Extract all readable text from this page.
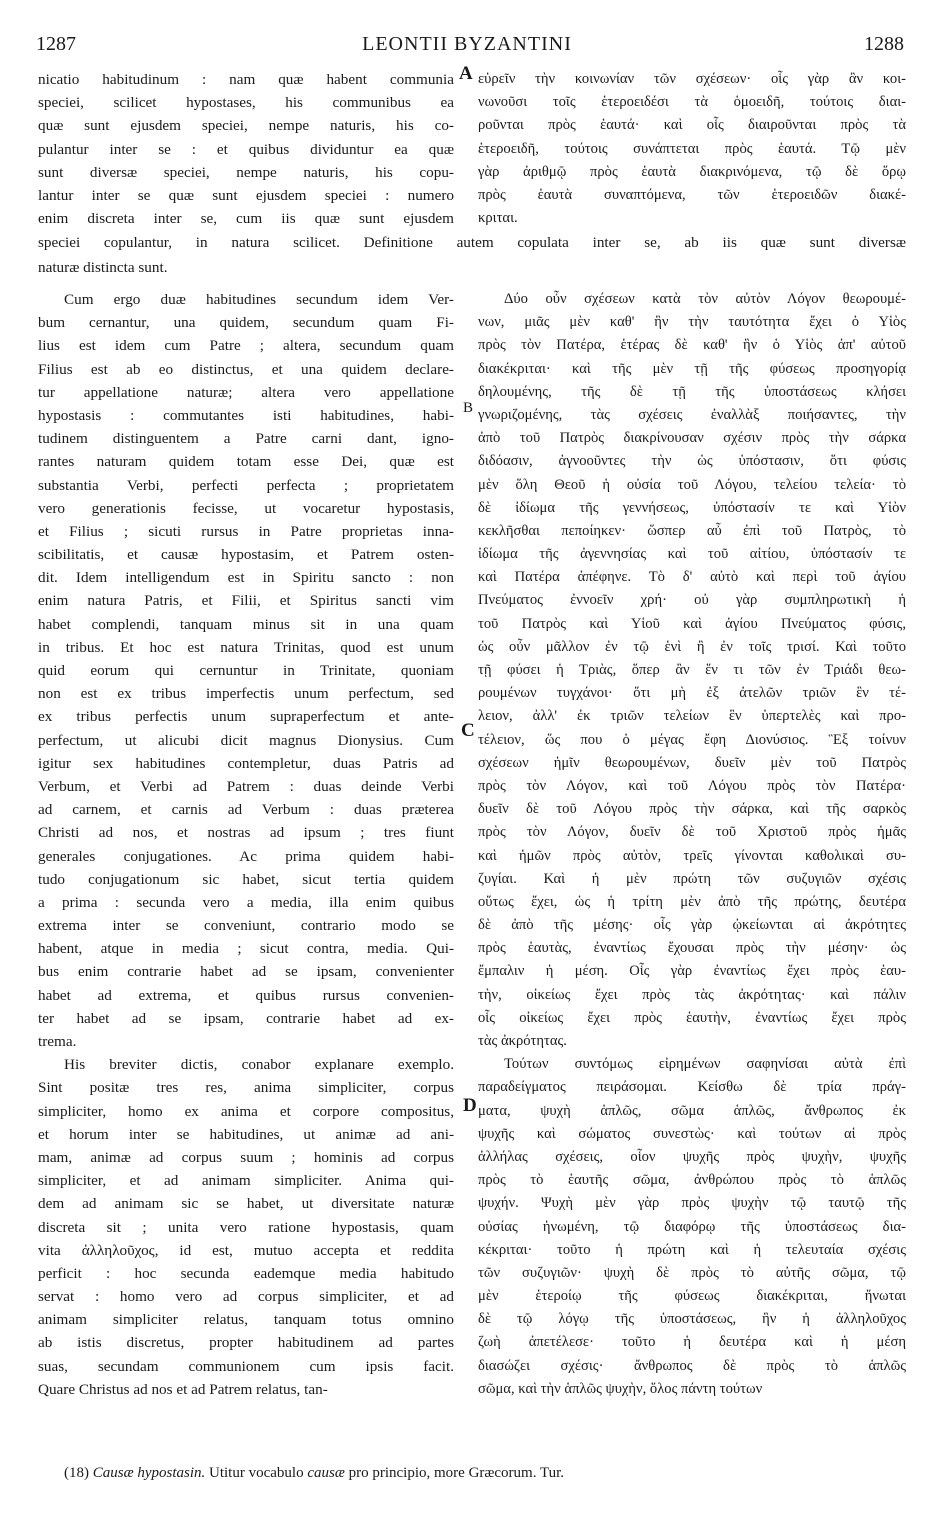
LEONTII BYZANTINI
1287	1288
nicatio habitudinum : nam quæ habent communia
speciei, scilicet hypostases, his communibus ea
quæ sunt ejusdem speciei, nempe naturis, his co-
pulantur inter se : et quibus dividuntur ea quæ
sunt diversæ speciei, nempe naturis, his copu-
lantur inter se quæ sunt ejusdem speciei : numero
enim discreta inter se, cum iis quæ sunt ejusdem
εὑρεῖν τὴν κοινωνίαν τῶν σχέσεων· οἷς γὰρ ἂν κοι-
νωνοῦσι τοῖς ἑτεροειδέσι τὰ ὁμοειδῆ, τούτοις διαι-
ροῦνται πρὸς ἑαυτά· καὶ οἷς διαιροῦνται πρὸς τὰ
ἑτεροειδῆ, τούτοις συνάπτεται πρὸς ἑαυτά. Τῷ μὲν
γὰρ ἀριθμῷ πρὸς ἑαυτὰ διακρινόμενα, τῷ δὲ ὅρῳ
πρὸς ἑαυτὰ συναπτόμενα, τῶν ἑτεροειδῶν διακέ-
κριται.
speciei copulantur, in natura scilicet. Definitione autem copulata inter se, ab iis quæ sunt diversæ
naturæ distincta sunt.
Cum ergo duæ habitudines secundum idem Ver-
bum cernantur, una quidem, secundum quam Fi-
lius est idem cum Patre ; altera, secundum quam
Filius est ab eo distinctus, et una quidem declare-
tur appellatione naturæ; altera vero appellatione
hypostasis : commutantes isti habitudines, habi-
tudinem distinguentem a Patre carni dant, igno-
rantes naturam quidem totam esse Dei, quæ est
substantia Verbi, perfecti perfecta ; proprietatem
vero generationis fecisse, ut vocaretur hypostasis,
et Filius ; sicuti rursus in Patre proprietas inna-
scibilitatis, et causæ hypostasim, et Patrem osten-
dit. Idem intelligendum est in Spiritu sancto : non
enim natura Patris, et Filii, et Spiritus sancti vim
habet complendi, tanquam minus sit in una quam
in tribus. Et hoc est natura Trinitas, quod est unum
quid eorum qui cernuntur in Trinitate, quoniam
non est ex tribus imperfectis unum perfectum, sed
ex tribus perfectis unum supraperfectum et ante-
perfectum, ut alicubi dicit magnus Dionysius. Cum
igitur sex habitudines contempletur, duas Patris ad
Verbum, et Verbi ad Patrem : duas deinde Verbi
ad carnem, et carnis ad Verbum : duas præterea
Christi ad nos, et nostras ad ipsum ; tres fiunt
generales conjugationes. Ac prima quidem habi-
tudo conjugationum sic habet, sicut tertia quidem
a prima : secunda vero a media, illa enim quibus
extrema inter se conveniunt, contrario modo se
habent, atque in media ; sicut contra, media. Qui-
bus enim contrarie habet ad se ipsam, convenienter
habet ad extrema, et quibus rursus convenien-
ter habet ad se ipsam, contrarie habet ad ex-
trema.
His breviter dictis, conabor explanare exemplo.
Sint positæ tres res, anima simpliciter, corpus
simpliciter, homo ex anima et corpore compositus,
et horum inter se habitudines, ut animæ ad ani-
mam, animæ ad corpus suum ; hominis ad corpus
simpliciter, et ad animam simpliciter. Anima qui-
dem ad animam sic se habet, ut diversitate naturæ
discreta sit ; unita vero ratione hypostasis, quam
vita ἀλληλοῦχος, id est, mutuo accepta et reddita
perficit : hoc secunda eademque media habitudo
servat : homo vero ad corpus simpliciter, et ad
animam simpliciter relatus, tanquam totus omnino
ab istis discretus, propter habitudinem ad partes
suas, secundam communionem cum ipsis facit.
Quare Christus ad nos et ad Patrem relatus, tan-
Δύο οὖν σχέσεων κατὰ τὸν αὐτὸν Λόγον θεωρουμέ-
νων, μιᾶς μὲν καθ' ἣν τὴν ταυτότητα ἔχει ὁ Υἱὸς
πρὸς τὸν Πατέρα, ἑτέρας δὲ καθ' ἣν ὁ Υἱὸς ἀπ' αὐτοῦ
διακέκριται· καὶ τῆς μὲν τῇ τῆς φύσεως προσηγορίᾳ
δηλουμένης, τῆς δὲ τῇ τῆς ὑποστάσεως κλήσει
γνωριζομένης, τὰς σχέσεις ἐναλλὰξ ποιήσαντες, τὴν
ἀπὸ τοῦ Πατρὸς διακρίνουσαν σχέσιν πρὸς τὴν σάρκα
διδόασιν, ἀγνοοῦντες τὴν ὡς ὑπόστασιν, ὅτι φύσις
μὲν ὅλη Θεοῦ ἡ οὐσία τοῦ Λόγου, τελείου τελεία· τὸ
δὲ ἰδίωμα τῆς γεννήσεως, ὑπόστασίν τε καὶ Υἱὸν
κεκλῆσθαι πεποίηκεν· ὥσπερ αὖ ἐπὶ τοῦ Πατρὸς, τὸ
ἰδίωμα τῆς ἀγεννησίας καὶ τοῦ αἰτίου, ὑπόστασίν τε
καὶ Πατέρα ἀπέφηνε. Τὸ δ' αὐτὸ καὶ περὶ τοῦ ἁγίου
Πνεύματος ἐννοεῖν χρή· οὐ γὰρ συμπληρωτικὴ ἡ
τοῦ Πατρὸς καὶ Υἱοῦ καὶ ἁγίου Πνεύματος φύσις,
ὡς οὖν μᾶλλον ἐν τῷ ἑνὶ ἢ ἐν τοῖς τρισί. Καὶ τοῦτο
τῇ φύσει ἡ Τριὰς, ὅπερ ἂν ἕν τι τῶν ἐν Τριάδι θεω-
ρουμένων τυγχάνοι· ὅτι μὴ ἐξ ἀτελῶν τριῶν ἓν τέ-
λειον, ἀλλ' ἐκ τριῶν τελείων ἓν ὑπερτελὲς καὶ προ-
τέλειον, ὥς που ὁ μέγας ἔφη Διονύσιος. Ἓξ τοίνυν
σχέσεων ἡμῖν θεωρουμένων, δυεῖν μὲν τοῦ Πατρὸς
πρὸς τὸν Λόγον, καὶ τοῦ Λόγου πρὸς τὸν Πατέρα·
δυεῖν δὲ τοῦ Λόγου πρὸς τὴν σάρκα, καὶ τῆς σαρκὸς
πρὸς τὸν Λόγον, δυεῖν δὲ τοῦ Χριστοῦ πρὸς ἡμᾶς
καὶ ἡμῶν πρὸς αὐτὸν, τρεῖς γίνονται καθολικαὶ συ-
ζυγίαι. Καὶ ἡ μὲν πρώτη τῶν συζυγιῶν σχέσις
οὕτως ἔχει, ὡς ἡ τρίτη μὲν ἀπὸ τῆς πρώτης, δευτέρα
δὲ ἀπὸ τῆς μέσης· οἷς γὰρ ᾠκείωνται αἱ ἀκρότητες
πρὸς ἑαυτὰς, ἐναντίως ἔχουσαι πρὸς τὴν μέσην· ὡς
ἔμπαλιν ἡ μέση. Οἷς γὰρ ἐναντίως ἔχει πρὸς ἑαυ-
τὴν, οἰκείως ἔχει πρὸς τὰς ἀκρότητας· καὶ πάλιν
οἷς οἰκείως ἔχει πρὸς ἑαυτὴν, ἐναντίως ἔχει πρὸς
τὰς ἀκρότητας.
Τούτων συντόμως εἰρημένων σαφηνίσαι αὐτὰ ἐπὶ
παραδείγματος πειράσομαι. Κείσθω δὲ τρία πράγ-
ματα, ψυχὴ ἁπλῶς, σῶμα ἁπλῶς, ἄνθρωπος ἐκ
ψυχῆς καὶ σώματος συνεστὼς· καὶ τούτων αἱ πρὸς
ἀλλήλας σχέσεις, οἷον ψυχῆς πρὸς ψυχὴν, ψυχῆς
πρὸς τὸ ἑαυτῆς σῶμα, ἀνθρώπου πρὸς τὸ ἁπλῶς
ψυχήν. Ψυχὴ μὲν γὰρ πρὸς ψυχὴν τῷ ταυτῷ τῆς
οὐσίας ἡνωμένη, τῷ διαφόρῳ τῆς ὑποστάσεως δια-
κέκριται· τοῦτο ἡ πρώτη καὶ ἡ τελευταία σχέσις
τῶν συζυγιῶν· ψυχὴ δὲ πρὸς τὸ αὐτῆς σῶμα, τῷ
μὲν ἑτεροίῳ τῆς φύσεως διακέκριται, ἥνωται
δὲ τῷ λόγῳ τῆς ὑποστάσεως, ἣν ἡ ἀλληλοῦχος
ζωὴ ἀπετέλεσε· τοῦτο ἡ δευτέρα καὶ ἡ μέση
διασώζει σχέσις· ἄνθρωπος δὲ πρὸς τὸ ἁπλῶς
σῶμα, καὶ τὴν ἁπλῶς ψυχὴν, ὅλος πάντη τούτων
A
B
C
D
(18) Causæ hypostasin. Utitur vocabulo causæ pro principio, more Græcorum. Tur.
